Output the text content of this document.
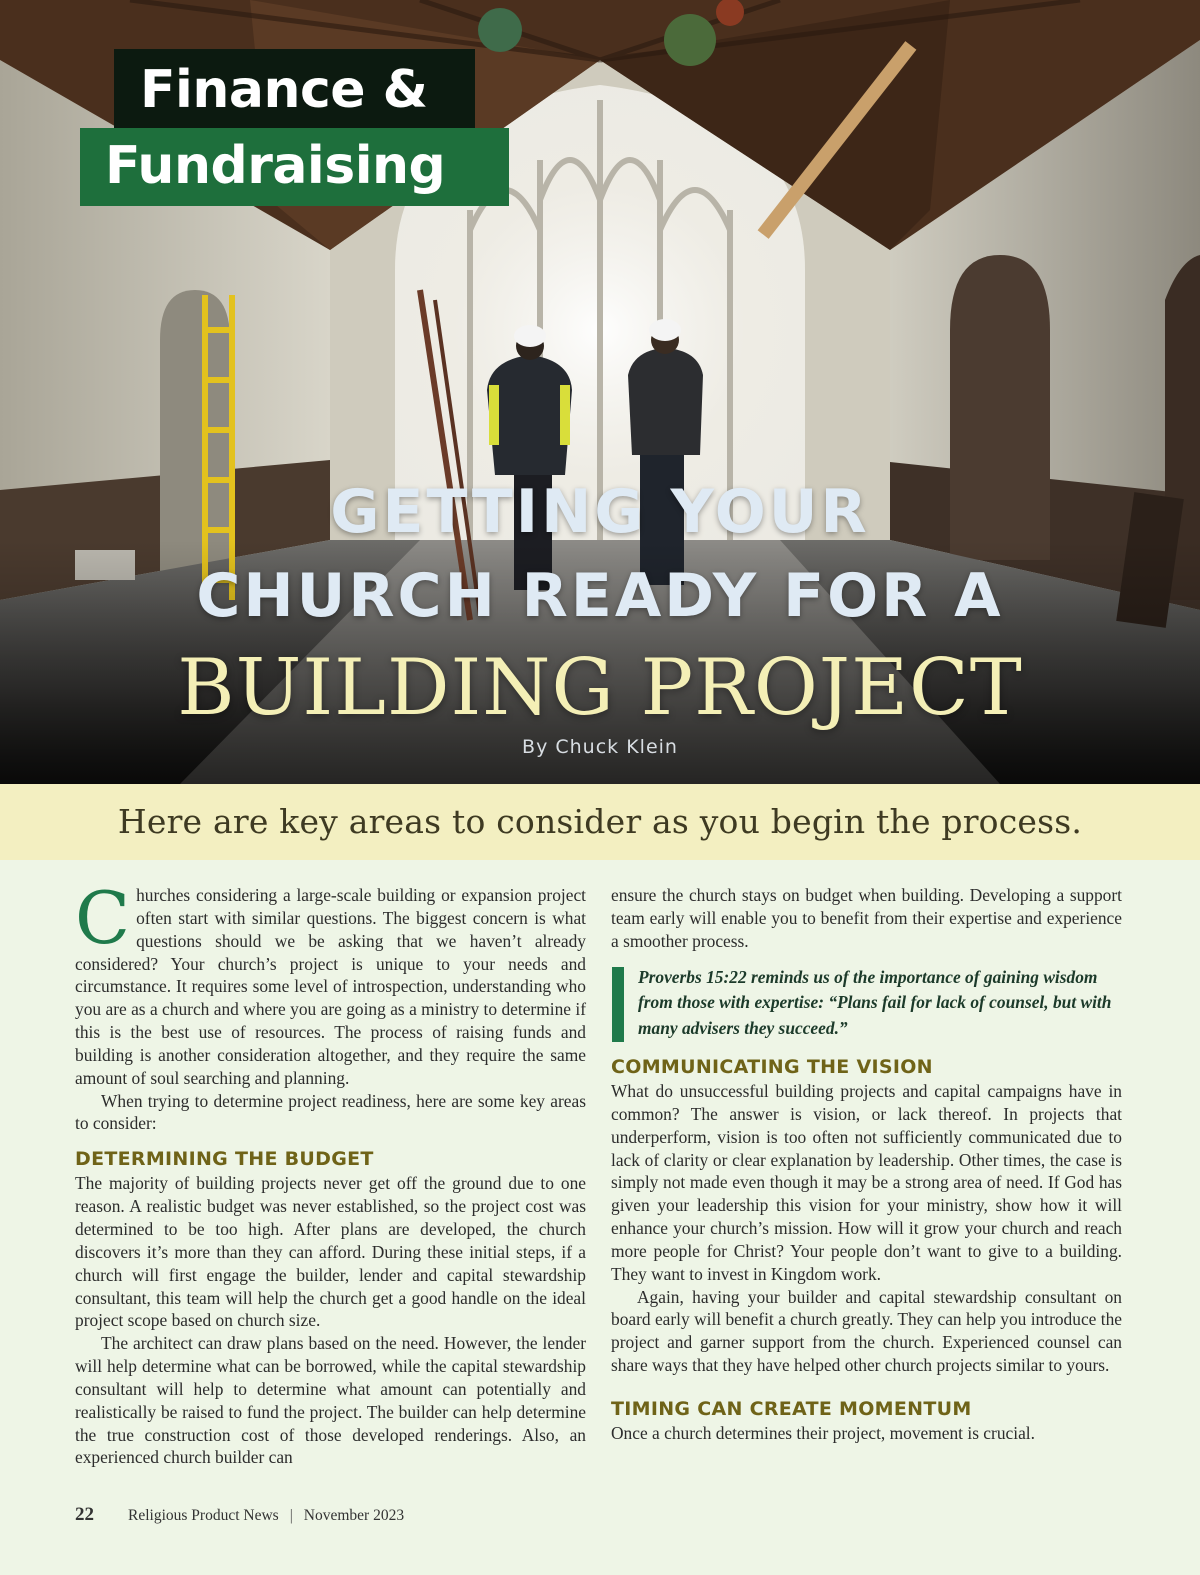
Finance &
Fundraising
GETTING YOUR
CHURCH READY FOR A
BUILDING PROJECT
By Chuck Klein
Here are key areas to consider as you begin the process.

Churches considering a large-scale building or expansion project often start with similar questions. The biggest concern is what questions should we be asking that we haven’t already considered? Your church’s project is unique to your needs and circumstance. It requires some level of introspection, understanding who you are as a church and where you are going as a ministry to determine if this is the best use of resources. The process of raising funds and building is another consideration altogether, and they require the same amount of soul searching and planning.

When trying to determine project readiness, here are some key areas to consider:

DETERMINING THE BUDGET

The majority of building projects never get off the ground due to one reason. A realistic budget was never established, so the project cost was determined to be too high. After plans are developed, the church discovers it’s more than they can afford. During these initial steps, if a church will first engage the builder, lender and capital stewardship consultant, this team will help the church get a good handle on the ideal project scope based on church size.

The architect can draw plans based on the need. However, the lender will help determine what can be borrowed, while the capital stewardship consultant will help to determine what amount can potentially and realistically be raised to fund the project. The builder can help determine the true construction cost of those developed renderings. Also, an experienced church builder can

ensure the church stays on budget when building. Developing a support team early will enable you to benefit from their expertise and experience a smoother process.

Proverbs 15:22 reminds us of the importance of gaining wisdom from those with expertise: “Plans fail for lack of counsel, but with many advisers they succeed.”
COMMUNICATING THE VISION

What do unsuccessful building projects and capital campaigns have in common? The answer is vision, or lack thereof. In projects that underperform, vision is too often not sufficiently communicated due to lack of clarity or clear explanation by leadership. Other times, the case is simply not made even though it may be a strong area of need. If God has given your leadership this vision for your ministry, show how it will enhance your church’s mission. How will it grow your church and reach more people for Christ? Your people don’t want to give to a building. They want to invest in Kingdom work.

Again, having your builder and capital stewardship consultant on board early will benefit a church greatly. They can help you introduce the project and garner support from the church. Experienced counsel can share ways that they have helped other church projects similar to yours.

TIMING CAN CREATE MOMENTUM

Once a church determines their project, movement is crucial.

22 Religious Product News | November 2023
